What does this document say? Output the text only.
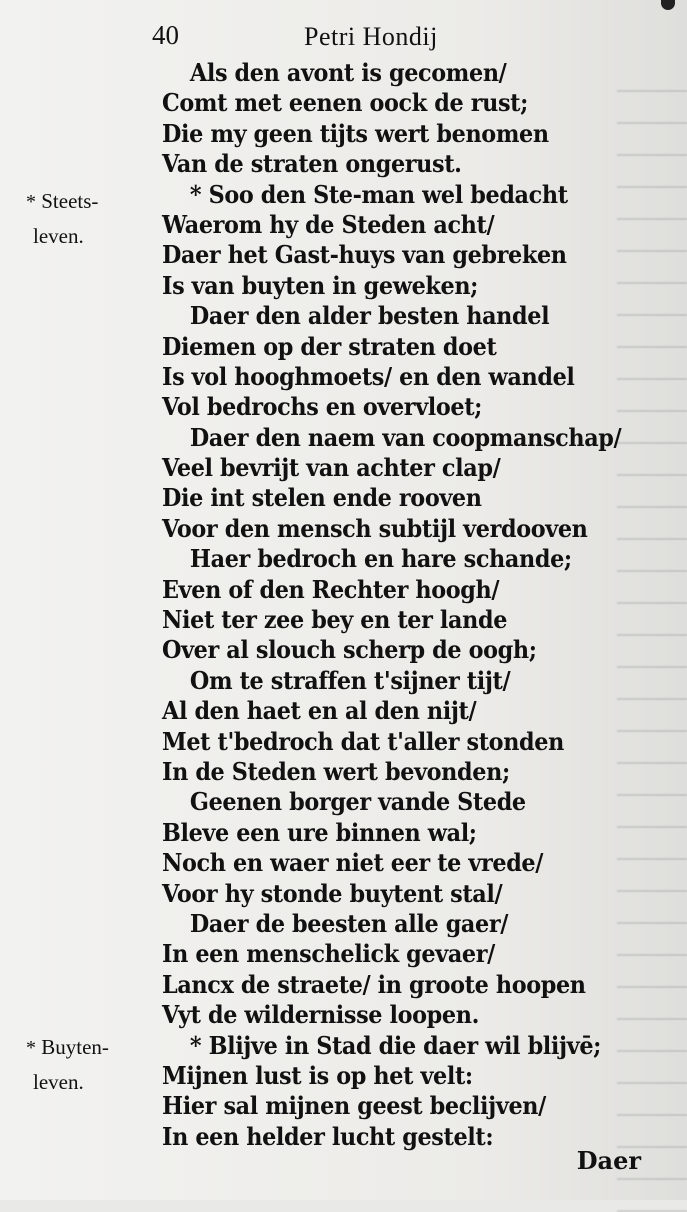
40	Petri Hondij
* Steets-
leven.
* Buyten-
leven.
Als den avont is gecomen/
Comt met eenen oock de rust;
Die my geen tijts wert benomen
Van de straten ongerust.
* Soo den Ste-man wel bedacht
Waerom hy de Steden acht/
Daer het Gast-huys van gebreken
Is van buyten in geweken;
Daer den alder besten handel
Diemen op der straten doet
Is vol hooghmoets/ en den wandel
Vol bedrochs en overvloet;
Daer den naem van coopmanschap/
Veel bevrijt van achter clap/
Die int stelen ende rooven
Voor den mensch subtijl verdooven
Haer bedroch en hare schande;
Even of den Rechter hoogh/
Niet ter zee bey en ter lande
Over al slouch scherp de oogh;
Om te straffen t'sijner tijt/
Al den haet en al den nijt/
Met t'bedroch dat t'aller stonden
In de Steden wert bevonden;
Geenen borger vande Stede
Bleve een ure binnen wal;
Noch en waer niet eer te vrede/
Voor hy stonde buytent stal/
Daer de beesten alle gaer/
In een menschelick gevaer/
Lancx de straete/ in groote hoopen
Vyt de wildernisse loopen.
* Blijve in Stad die daer wil blijvē;
Mijnen lust is op het velt:
Hier sal mijnen geest beclijven/
In een helder lucht gestelt:
Daer
